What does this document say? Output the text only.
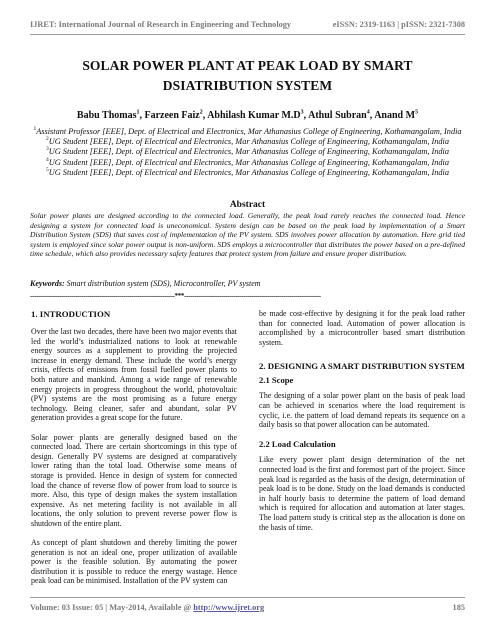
IJRET: International Journal of Research in Engineering and Technology	eISSN: 2319-1163 | pISSN: 2321-7308
SOLAR POWER PLANT AT PEAK LOAD BY SMART DSIATRIBUTION SYSTEM
Babu Thomas$^1$, Farzeen Faiz$^2$, Abhilash Kumar $M.D^3$, Athul Subran$^4$, Anand $M^5$
$^1$Assistant Professor [EEE], Dept. of Electrical and Electronics, Mar Athanasius College of Engineering, Kothamangalam, India
$^2$UG Student [EEE], Dept. of Electrical and Electronics, Mar Athanasius College of Engineering, Kothamangalam, India
$^3$UG Student [EEE], Dept. of Electrical and Electronics, Mar Athanasius College of Engineering, Kothamangalam, India
$^4$UG Student [EEE], Dept. of Electrical and Electronics, Mar Athanasius College of Engineering, Kothamangalam, India
$^5$UG Student [EEE], Dept. of Electrical and Electronics, Mar Athanasius College of Engineering, Kothamangalam, India
Abstract
Solar power plants are designed according to the connected load. Generally, the peak load rarely reaches the connected load. Hence designing a system for connected load is uneconomical. System design can be based on the peak load by implementation of a Smart Distribution System (SDS) that saves cost of implementation of the PV system. SDS involves power allocation by automation. Here grid tied system is employed since solar power output is non-uniform. SDS employs a microcontroller that distributes the power based on a pre-defined time schedule, which also provides necessary safety features that protect system from failure and ensure proper distribution.
Keywords: Smart distribution system (SDS), Microcontroller, PV system
-------------------------------------------------------------------------***---------------------------------------------------------------------
1. INTRODUCTION

Over the last two decades, there have been two major events that led the world’s industrialized nations to look at renewable energy sources as a supplement to providing the projected increase in energy demand. These include the world’s energy crisis, effects of emissions from fossil fuelled power plants to both nature and mankind. Among a wide range of renewable energy projects in progress throughout the world, photovoltaic (PV) systems are the most promising as a future energy technology. Being cleaner, safer and abundant, solar PV generation provides a great scope for the future.

Solar power plants are generally designed based on the connected load. There are certain shortcomings in this type of design. Generally PV systems are designed at comparatively lower rating than the total load. Otherwise some means of storage is provided. Hence in design of system for connected load the chance of reverse flow of power from load to source is more. Also, this type of design makes the system installation expensive. As net metering facility is not available in all locations, the only solution to prevent reverse power flow is shutdown of the entire plant.

As concept of plant shutdown and thereby limiting the power generation is not an ideal one, proper utilization of available power is the feasible solution. By automating the power distribution it is possible to reduce the energy wastage. Hence peak load can be minimised. Installation of the PV system can

be made cost-effective by designing it for the peak load rather than for connected load. Automation of power allocation is accomplished by a microcontroller based smart distribution system.

2. DESIGNING A SMART DISTRIBUTION SYSTEM
2.1 Scope

The designing of a solar power plant on the basis of peak load can be achieved in scenarios where the load requirement is cyclic, i.e. the pattern of load demand repeats its sequence on a daily basis so that power allocation can be automated.

2.2 Load Calculation

Like every power plant design determination of the net connected load is the first and foremost part of the project. Since peak load is regarded as the basis of the design, determination of peak load is to be done. Study on the load demands is conducted in half hourly basis to determine the pattern of load demand which is required for allocation and automation at later stages. The load pattern study is critical step as the allocation is done on the basis of time.

Volume: 03 Issue: 05 | May-2014, Available @ http://www.ijret.org	185
